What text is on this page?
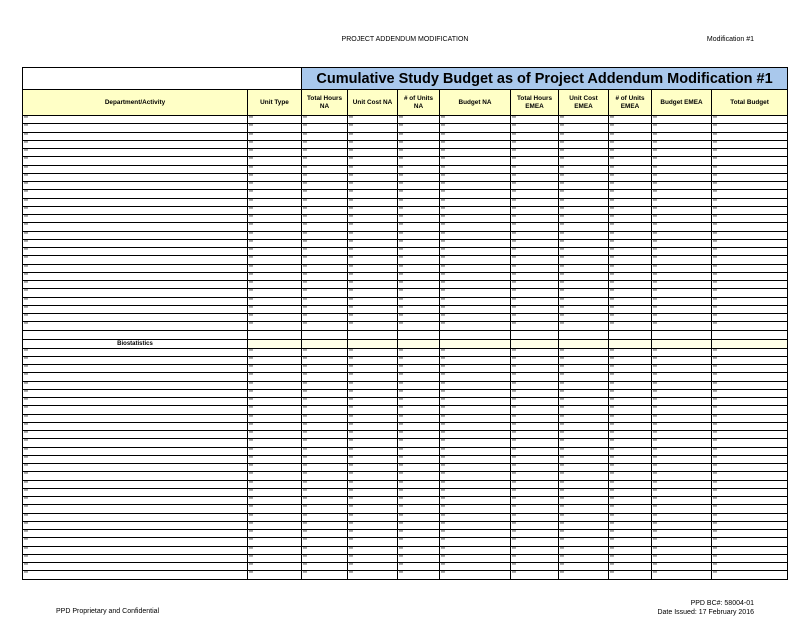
PROJECT ADDENDUM MODIFICATION	Modification #1
		Cumulative Study Budget as of Project Addendum Modification #1								
Department/Activity	Unit Type	Total Hours NA	Unit Cost NA	# of Units NA	Budget NA	Total Hours EMEA	Unit Cost EMEA	# of Units EMEA	Budget EMEA	Total Budget
**	**	**	**	**	**	**	**	**	**	**
**	**	**	**	**	**	**	**	**	**	**
**	**	**	**	**	**	**	**	**	**	**
**	**	**	**	**	**	**	**	**	**	**
**	**	**	**	**	**	**	**	**	**	**
**	**	**	**	**	**	**	**	**	**	**
**	**	**	**	**	**	**	**	**	**	**
**	**	**	**	**	**	**	**	**	**	**
**	**	**	**	**	**	**	**	**	**	**
**	**	**	**	**	**	**	**	**	**	**
**	**	**	**	**	**	**	**	**	**	**
**	**	**	**	**	**	**	**	**	**	**
**	**	**	**	**	**	**	**	**	**	**
**	**	**	**	**	**	**	**	**	**	**
**	**	**	**	**	**	**	**	**	**	**
**	**	**	**	**	**	**	**	**	**	**
**	**	**	**	**	**	**	**	**	**	**
**	**	**	**	**	**	**	**	**	**	**
**	**	**	**	**	**	**	**	**	**	**
**	**	**	**	**	**	**	**	**	**	**
**	**	**	**	**	**	**	**	**	**	**
**	**	**	**	**	**	**	**	**	**	**
**	**	**	**	**	**	**	**	**	**	**
**	**	**	**	**	**	**	**	**	**	**
**	**	**	**	**	**	**	**	**	**	**
**	**	**	**	**	**	**	**	**	**	**

Biostatistics										
**	**	**	**	**	**	**	**	**	**	**
**	**	**	**	**	**	**	**	**	**	**
**	**	**	**	**	**	**	**	**	**	**
**	**	**	**	**	**	**	**	**	**	**
**	**	**	**	**	**	**	**	**	**	**
**	**	**	**	**	**	**	**	**	**	**
**	**	**	**	**	**	**	**	**	**	**
**	**	**	**	**	**	**	**	**	**	**
**	**	**	**	**	**	**	**	**	**	**
**	**	**	**	**	**	**	**	**	**	**
**	**	**	**	**	**	**	**	**	**	**
**	**	**	**	**	**	**	**	**	**	**
**	**	**	**	**	**	**	**	**	**	**
**	**	**	**	**	**	**	**	**	**	**
**	**	**	**	**	**	**	**	**	**	**
**	**	**	**	**	**	**	**	**	**	**
**	**	**	**	**	**	**	**	**	**	**
**	**	**	**	**	**	**	**	**	**	**
**	**	**	**	**	**	**	**	**	**	**
**	**	**	**	**	**	**	**	**	**	**
**	**	**	**	**	**	**	**	**	**	**
**	**	**	**	**	**	**	**	**	**	**
**	**	**	**	**	**	**	**	**	**	**
**	**	**	**	**	**	**	**	**	**	**
**	**	**	**	**	**	**	**	**	**	**
**	**	**	**	**	**	**	**	**	**	**
**	**	**	**	**	**	**	**	**	**	**
**	**	**	**	**	**	**	**	**	**	**
PPD Proprietary and Confidential
PPD BC#: 58004-01
Date Issued: 17 February 2016
